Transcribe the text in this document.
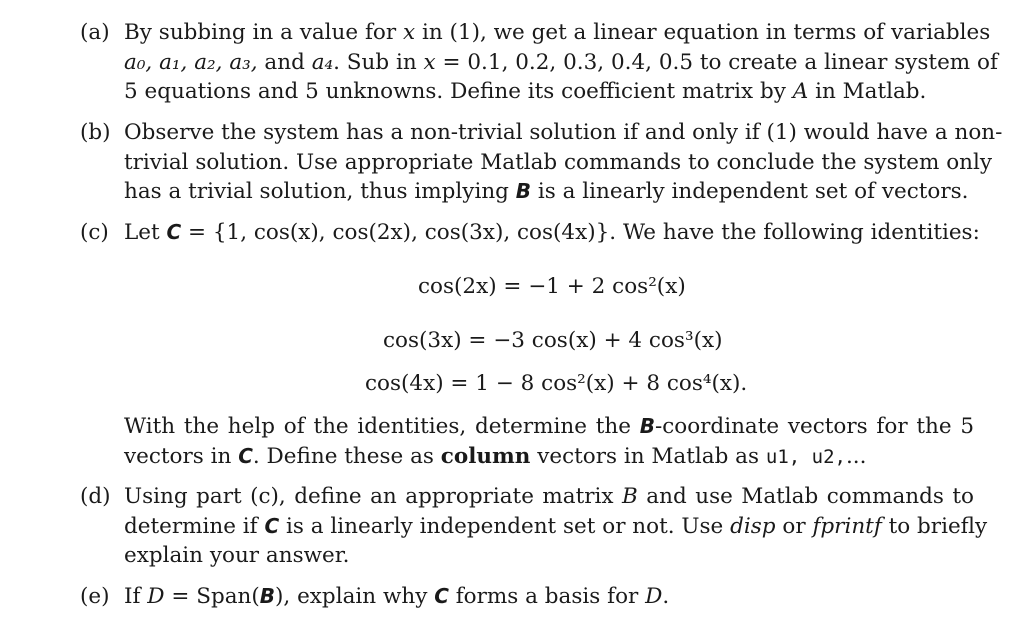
(a) By subbing in a value for x in (1), we get a linear equation in terms of variables
a₀, a₁, a₂, a₃, and a₄. Sub in x = 0.1, 0.2, 0.3, 0.4, 0.5 to create a linear system of
5 equations and 5 unknowns. Define its coefficient matrix by A in Matlab.
(b) Observe the system has a non-trivial solution if and only if (1) would have a non-
trivial solution. Use appropriate Matlab commands to conclude the system only
has a trivial solution, thus implying B is a linearly independent set of vectors.
(c) Let C = {1, cos(x), cos(2x), cos(3x), cos(4x)}. We have the following identities:
cos(2x) = −1 + 2 cos²(x)
cos(3x) = −3 cos(x) + 4 cos³(x)
cos(4x) = 1 − 8 cos²(x) + 8 cos⁴(x).
With the help of the identities, determine the B-coordinate vectors for the 5
vectors in C. Define these as column vectors in Matlab as u1, u2,...
(d) Using part (c), define an appropriate matrix B and use Matlab commands to
determine if C is a linearly independent set or not. Use disp or fprintf to briefly
explain your answer.
(e) If D = Span(B), explain why C forms a basis for D.
